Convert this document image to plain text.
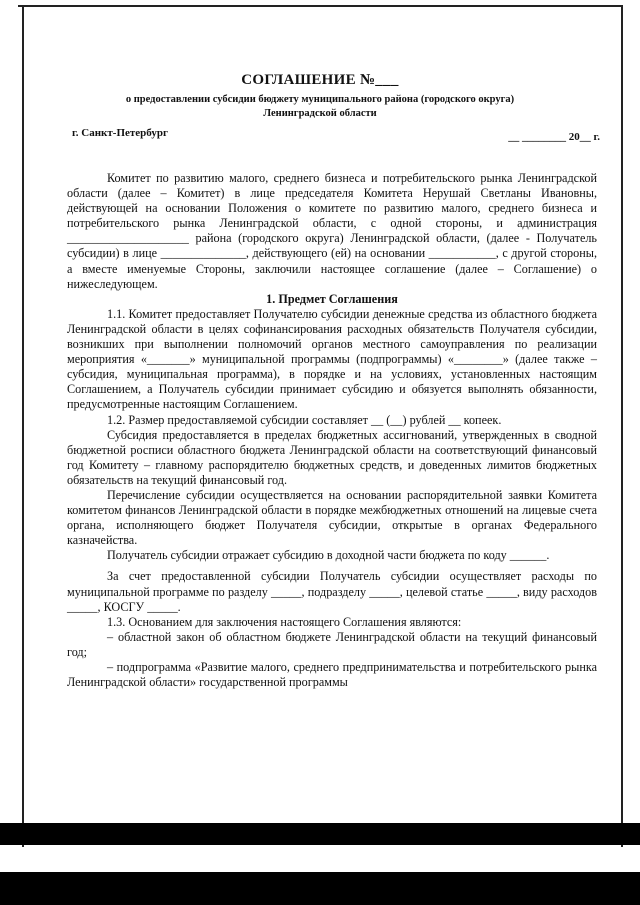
СОГЛАШЕНИЕ №___
о предоставлении субсидии бюджету муниципального района (городского округа)
Ленинградской области
г. Санкт-Петербург	__ ________ 20__ г.

Комитет по развитию малого, среднего бизнеса и потребительского рынка Ленинградской области (далее – Комитет) в лице председателя Комитета Нерушай Светланы Ивановны, действующей на основании Положения о комитете по развитию малого, среднего бизнеса и потребительского рынка Ленинградской области, с одной стороны, и администрация ____________________ района (городского округа) Ленинградской области, (далее - Получатель субсидии) в лице ______________, действующего (ей) на основании ___________, с другой стороны, а вместе именуемые Стороны, заключили настоящее соглашение (далее – Соглашение) о нижеследующем.

1. Предмет Соглашения

1.1. Комитет предоставляет Получателю субсидии денежные средства из областного бюджета Ленинградской области в целях софинансирования расходных обязательств Получателя субсидии, возникших при выполнении полномочий органов местного самоуправления по реализации мероприятия «_______» муниципальной программы (подпрограммы) «________» (далее также – субсидия, муниципальная программа), в порядке и на условиях, установленных настоящим Соглашением, а Получатель субсидии принимает субсидию и обязуется выполнять обязанности, предусмотренные настоящим Соглашением.

1.2. Размер предоставляемой субсидии составляет __ (__) рублей __ копеек.

Субсидия предоставляется в пределах бюджетных ассигнований, утвержденных в сводной бюджетной росписи областного бюджета Ленинградской области на соответствующий финансовый год Комитету – главному распорядителю бюджетных средств, и доведенных лимитов бюджетных обязательств на текущий финансовый год.

Перечисление субсидии осуществляется на основании распорядительной заявки Комитета комитетом финансов Ленинградской области в порядке межбюджетных отношений на лицевые счета органа, исполняющего бюджет Получателя субсидии, открытые в органах Федерального казначейства.

Получатель субсидии отражает субсидию в доходной части бюджета по коду ______.

За счет предоставленной субсидии Получатель субсидии осуществляет расходы по муниципальной программе по разделу _____, подразделу _____, целевой статье _____, виду расходов _____, КОСГУ _____.

1.3. Основанием для заключения настоящего Соглашения являются:

– областной закон об областном бюджете Ленинградской области на текущий финансовый год;

– подпрограмма «Развитие малого, среднего предпринимательства и потребительского рынка Ленинградской области» государственной программы
